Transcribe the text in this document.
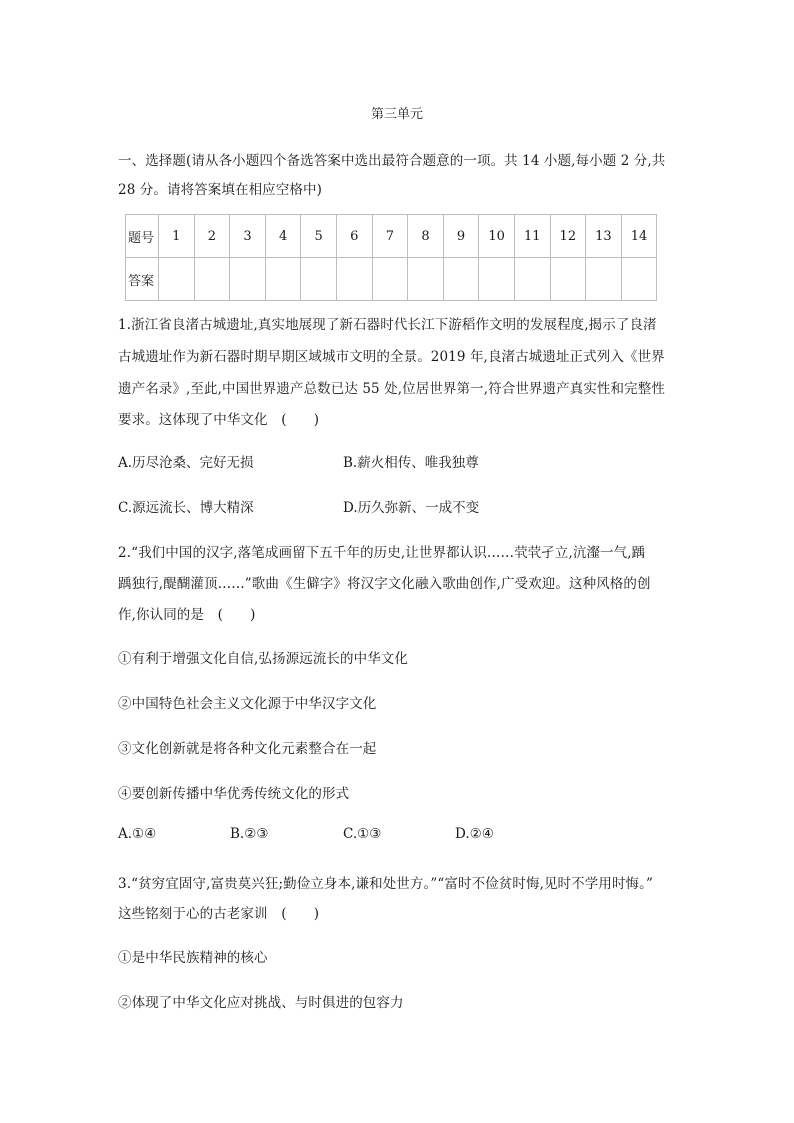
第三单元
一、选择题(请从各小题四个备选答案中选出最符合题意的一项。共 14 小题,每小题 2 分,共
28 分。请将答案填在相应空格中)
题号	1	2	3	4	5	6	7	8	9	10	11	12	13	14
答案														
1.浙江省良渚古城遗址,真实地展现了新石器时代长江下游稻作文明的发展程度,揭示了良渚
古城遗址作为新石器时期早期区域城市文明的全景。2019 年,良渚古城遗址正式列入《世界
遗产名录》,至此,中国世界遗产总数已达 55 处,位居世界第一,符合世界遗产真实性和完整性
要求。这体现了中华文化　(　　)
A.历尽沧桑、完好无损	B.薪火相传、唯我独尊
C.源远流长、博大精深	D.历久弥新、一成不变
2.“我们中国的汉字,落笔成画留下五千年的历史,让世界都认识……茕茕孑立,沆瀣一气,踽
踽独行,醍醐灌顶……”歌曲《生僻字》将汉字文化融入歌曲创作,广受欢迎。这种风格的创
作,你认同的是　(　　)
①有利于增强文化自信,弘扬源远流长的中华文化
②中国特色社会主义文化源于中华汉字文化
③文化创新就是将各种文化元素整合在一起
④要创新传播中华优秀传统文化的形式
A.①④	B.②③	C.①③	D.②④
3.“贫穷宜固守,富贵莫兴狂;勤俭立身本,谦和处世方。”“富时不俭贫时悔,见时不学用时悔。”
这些铭刻于心的古老家训　(　　)
①是中华民族精神的核心
②体现了中华文化应对挑战、与时俱进的包容力
